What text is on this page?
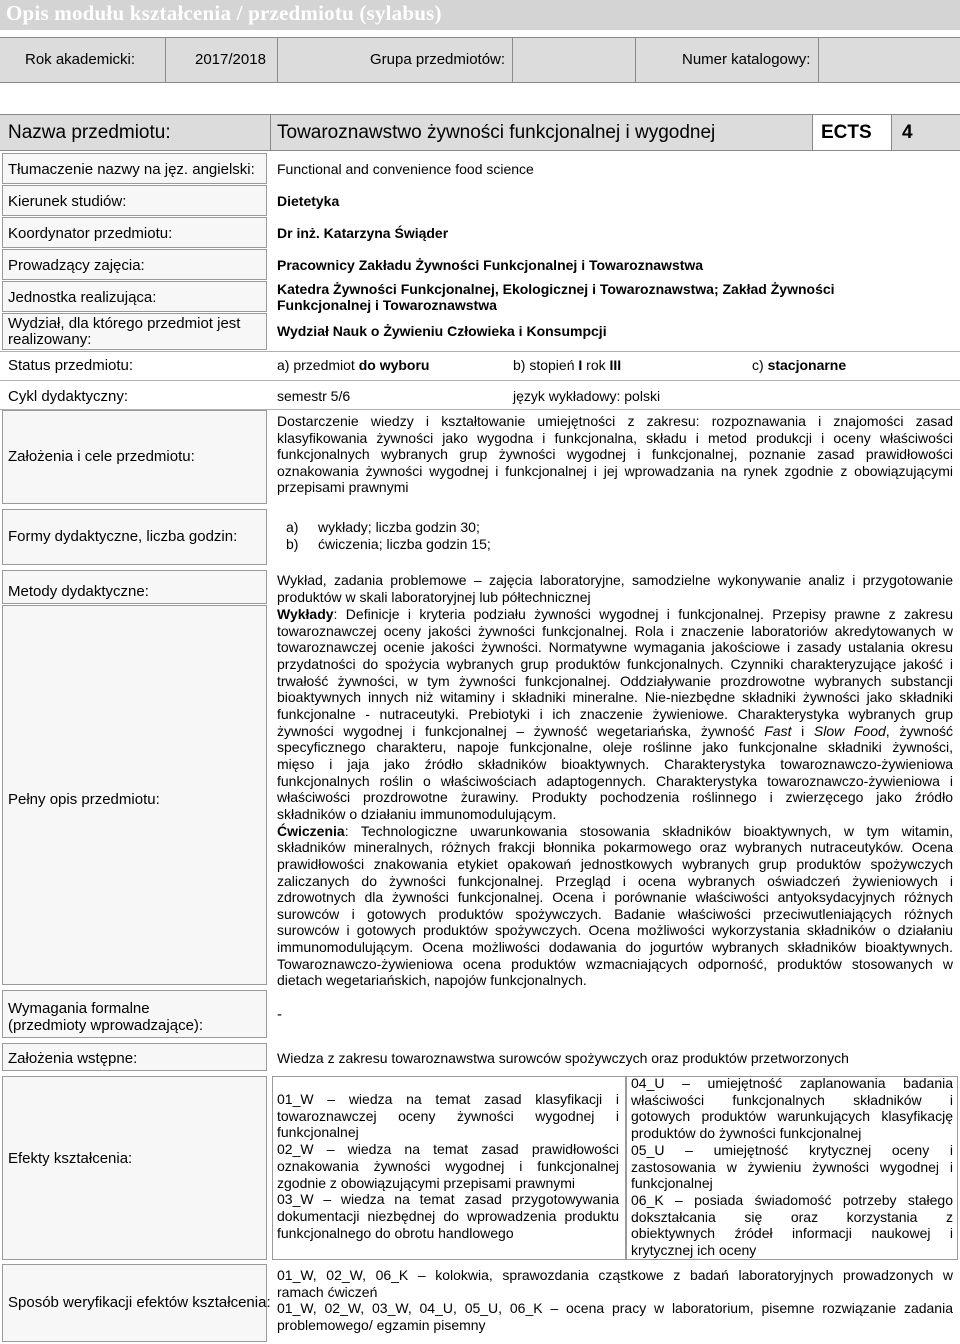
Opis modułu kształcenia / przedmiotu (sylabus)
Rok akademicki:	2017/2018	Grupa przedmiotów:	Numer katalogowy:
Nazwa przedmiotu:	Towaroznawstwo żywności funkcjonalnej i wygodnej	ECTS 4
Tłumaczenie nazwy na jęz. angielski: Functional and convenience food science
Kierunek studiów:	Dietetyka
Koordynator przedmiotu:	Dr inż. Katarzyna Świąder
Prowadzący zajęcia:	Pracownicy Zakładu Żywności Funkcjonalnej i Towaroznawstwa
Jednostka realizująca:	Katedra Żywności Funkcjonalnej, Ekologicznej i Towaroznawstwa; Zakład Żywności
Funkcjonalnej i Towaroznawstwa
Wydział, dla którego przedmiot jest
realizowany:	Wydział Nauk o Żywieniu Człowieka i Konsumpcji
Status przedmiotu:	a) przedmiot do wyboru	b) stopień I rok III	c) stacjonarne
Cykl dydaktyczny:	semestr 5/6	język wykładowy: polski
Założenia i cele przedmiotu:
Dostarczenie wiedzy i kształtowanie umiejętności z zakresu: rozpoznawania i znajomości zasad
klasyfikowania żywności jako wygodna i funkcjonalna, składu i metod produkcji i oceny właściwości
funkcjonalnych wybranych grup żywności wygodnej i funkcjonalnej, poznanie zasad prawidłowości
oznakowania żywności wygodnej i funkcjonalnej i jej wprowadzania na rynek zgodnie z obowiązującymi
przepisami prawnymi
Formy dydaktyczne, liczba godzin:
a) wykłady; liczba godzin 30;
b) ćwiczenia; liczba godzin 15;
Metody dydaktyczne:
Wykład, zadania problemowe – zajęcia laboratoryjne, samodzielne wykonywanie analiz i przygotowanie
produktów w skali laboratoryjnej lub półtechnicznej
Pełny opis przedmiotu:
Wykłady: Definicje i kryteria podziału żywności wygodnej i funkcjonalnej. Przepisy prawne z zakresu
towaroznawczej oceny jakości żywności funkcjonalnej. Rola i znaczenie laboratoriów akredytowanych w
towaroznawczej ocenie jakości żywności. Normatywne wymagania jakościowe i zasady ustalania okresu
przydatności do spożycia wybranych grup produktów funkcjonalnych. Czynniki charakteryzujące jakość i
trwałość żywności, w tym żywności funkcjonalnej. Oddziaływanie prozdrowotne wybranych substancji
bioaktywnych innych niż witaminy i składniki mineralne. Nie-niezbędne składniki żywności jako składniki
funkcjonalne - nutraceutyki. Prebiotyki i ich znaczenie żywieniowe. Charakterystyka wybranych grup
żywności wygodnej i funkcjonalnej – żywność wegetariańska, żywność Fast i Slow Food, żywność
specyficznego charakteru, napoje funkcjonalne, oleje roślinne jako funkcjonalne składniki żywności,
mięso i jaja jako źródło składników bioaktywnych. Charakterystyka towaroznawczo-żywieniowa
funkcjonalnych roślin o właściwościach adaptogennych. Charakterystyka towaroznawczo-żywieniowa i
właściwości prozdrowotne żurawiny. Produkty pochodzenia roślinnego i zwierzęcego jako źródło
składników o działaniu immunomodulującym.
Ćwiczenia: Technologiczne uwarunkowania stosowania składników bioaktywnych, w tym witamin,
składników mineralnych, różnych frakcji błonnika pokarmowego oraz wybranych nutraceutyków. Ocena
prawidłowości znakowania etykiet opakowań jednostkowych wybranych grup produktów spożywczych
zaliczanych do żywności funkcjonalnej. Przegląd i ocena wybranych oświadczeń żywieniowych i
zdrowotnych dla żywności funkcjonalnej. Ocena i porównanie właściwości antyoksydacyjnych różnych
surowców i gotowych produktów spożywczych. Badanie właściwości przeciwutleniających różnych
surowców i gotowych produktów spożywczych. Ocena możliwości wykorzystania składników o działaniu
immunomodulującym. Ocena możliwości dodawania do jogurtów wybranych składników bioaktywnych.
Towaroznawczo-żywieniowa ocena produktów wzmacniających odporność, produktów stosowanych w
dietach wegetariańskich, napojów funkcjonalnych.
Wymagania formalne
(przedmioty wprowadzające):
-
Założenia wstępne:	Wiedza z zakresu towaroznawstwa surowców spożywczych oraz produktów przetworzonych
Efekty kształcenia:
01_W – wiedza na temat zasad klasyfikacji i
towaroznawczej oceny żywności wygodnej i
funkcjonalnej
02_W – wiedza na temat zasad prawidłowości
oznakowania żywności wygodnej i funkcjonalnej
zgodnie z obowiązującymi przepisami prawnymi
03_W – wiedza na temat zasad przygotowywania
dokumentacji niezbędnej do wprowadzenia produktu
funkcjonalnego do obrotu handlowego
04_U – umiejętność zaplanowania badania
właściwości funkcjonalnych składników i
gotowych produktów warunkujących klasyfikację
produktów do żywności funkcjonalnej
05_U – umiejętność krytycznej oceny i
zastosowania w żywieniu żywności wygodnej i
funkcjonalnej
06_K – posiada świadomość potrzeby stałego
dokształcania się oraz korzystania z
obiektywnych źródeł informacji naukowej i
krytycznej ich oceny
Sposób weryfikacji efektów kształcenia:
01_W, 02_W, 06_K – kolokwia, sprawozdania cząstkowe z badań laboratoryjnych prowadzonych w
ramach ćwiczeń
01_W, 02_W, 03_W, 04_U, 05_U, 06_K – ocena pracy w laboratorium, pisemne rozwiązanie zadania
problemowego/ egzamin pisemny
